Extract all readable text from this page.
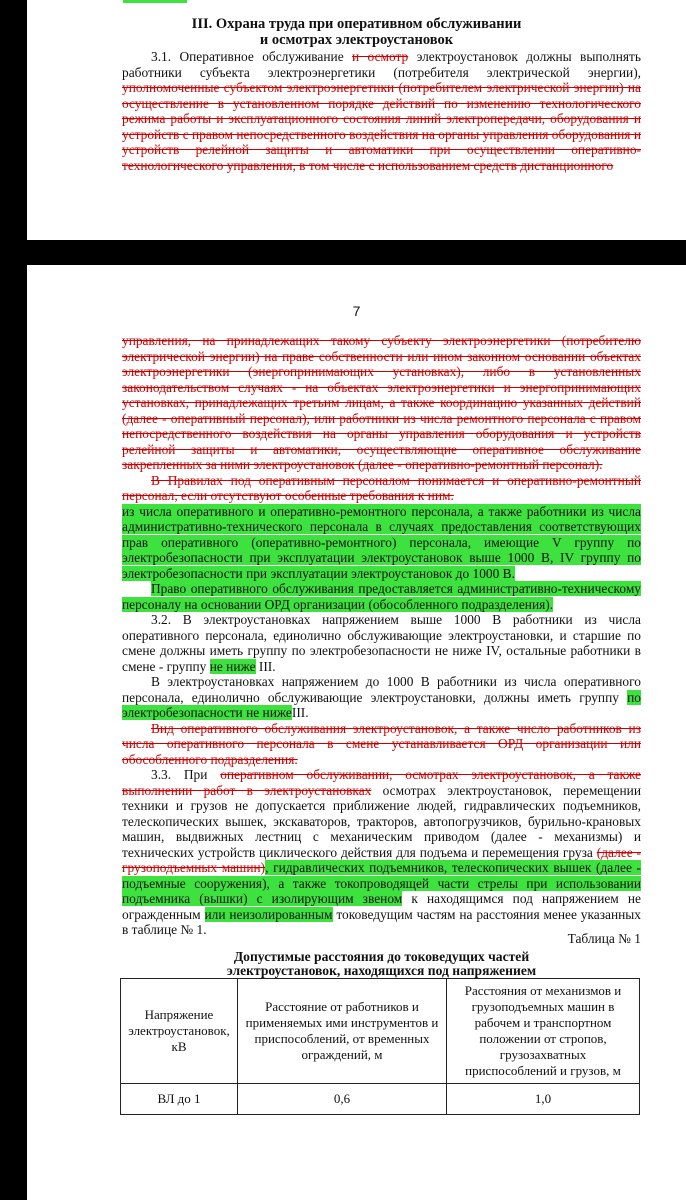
III. Охрана труда при оперативном обслуживании
и осмотрах электроустановок

3.1. Оперативное обслуживание и осмотр электроустановок должны выполнять работники субъекта электроэнергетики (потребителя электрической энергии), уполномоченные субъектом электроэнергетики (потребителем электрической энергии) на осуществление в установленном порядке действий по изменению технологического режима работы и эксплуатационного состояния линий электропередачи, оборудования и устройств с правом непосредственного воздействия на органы управления оборудования и устройств релейной защиты и автоматики при осуществлении оперативно-технологического управления, в том числе с использованием средств дистанционного

7

управления, на принадлежащих такому субъекту электроэнергетики (потребителю электрической энергии) на праве собственности или ином законном основании объектах электроэнергетики (энергопринимающих установках), либо в установленных законодательством случаях - на объектах электроэнергетики и энергопринимающих установках, принадлежащих третьим лицам, а также координацию указанных действий (далее - оперативный персонал), или работники из числа ремонтного персонала с правом непосредственного воздействия на органы управления оборудования и устройств релейной защиты и автоматики, осуществляющие оперативное обслуживание закрепленных за ними электроустановок (далее - оперативно-ремонтный персонал).

В Правилах под оперативным персоналом понимается и оперативно-ремонтный персонал, если отсутствуют особенные требования к ним.

из числа оперативного и оперативно-ремонтного персонала, а также работники из числа административно-технического персонала в случаях предоставления соответствующих прав оперативного (оперативно-ремонтного) персонала, имеющие V группу по электробезопасности при эксплуатации электроустановок выше 1000 В, IV группу по электробезопасности при эксплуатации электроустановок до 1000 В.

Право оперативного обслуживания предоставляется административно-техническому персоналу на основании ОРД организации (обособленного подразделения).

3.2. В электроустановках напряжением выше 1000 В работники из числа оперативного персонала, единолично обслуживающие электроустановки, и старшие по смене должны иметь группу по электробезопасности не ниже IV, остальные работники в смене - группу не ниже III.

В электроустановках напряжением до 1000 В работники из числа оперативного персонала, единолично обслуживающие электроустановки, должны иметь группу по электробезопасности не нижеIII.

Вид оперативного обслуживания электроустановок, а также число работников из числа оперативного персонала в смене устанавливается ОРД организации или обособленного подразделения.

3.3. При оперативном обслуживании, осмотрах электроустановок, а также выполнении работ в электроустановках осмотрах электроустановок, перемещении техники и грузов не допускается приближение людей, гидравлических подъемников, телескопических вышек, экскаваторов, тракторов, автопогрузчиков, бурильно-крановых машин, выдвижных лестниц с механическим приводом (далее - механизмы) и технических устройств циклического действия для подъема и перемещения груза (далее - грузоподъемных машин), гидравлических подъемников, телескопических вышек (далее - подъемные сооружения), а также токопроводящей части стрелы при использовании подъемника (вышки) с изолирующим звеном к находящимся под напряжением не огражденным или неизолированным токоведущим частям на расстояния менее указанных в таблице № 1.

Таблица № 1
Допустимые расстояния до токоведущих частей
электроустановок, находящихся под напряжением
Напряжение электроустановок, кВ	Расстояние от работников и применяемых ими инструментов и приспособлений, от временных ограждений, м	Расстояния от механизмов и грузоподъемных машин в рабочем и транспортном положении от стропов, грузозахватных приспособлений и грузов, м
ВЛ до 1	0,6	1,0
